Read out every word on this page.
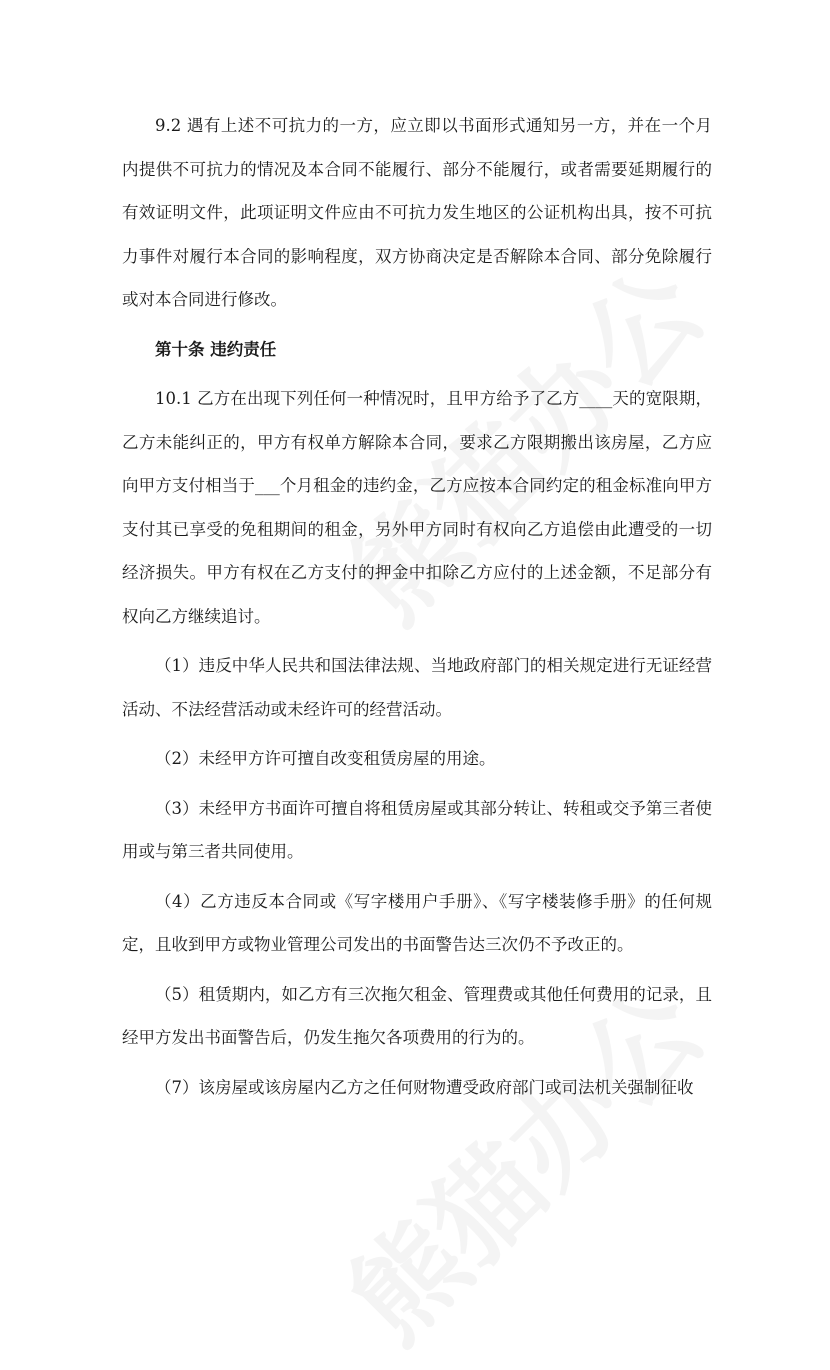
9.2 遇有上述不可抗力的一方，应立即以书面形式通知另一方，并在一个月内提供不可抗力的情况及本合同不能履行、部分不能履行，或者需要延期履行的有效证明文件，此项证明文件应由不可抗力发生地区的公证机构出具，按不可抗力事件对履行本合同的影响程度，双方协商决定是否解除本合同、部分免除履行或对本合同进行修改。

第十条 违约责任

10.1 乙方在出现下列任何一种情况时，且甲方给予了乙方____天的宽限期，乙方未能纠正的，甲方有权单方解除本合同，要求乙方限期搬出该房屋，乙方应向甲方支付相当于___个月租金的违约金，乙方应按本合同约定的租金标准向甲方支付其已享受的免租期间的租金，另外甲方同时有权向乙方追偿由此遭受的一切经济损失。甲方有权在乙方支付的押金中扣除乙方应付的上述金额，不足部分有权向乙方继续追讨。

（1）违反中华人民共和国法律法规、当地政府部门的相关规定进行无证经营活动、不法经营活动或未经许可的经营活动。

（2）未经甲方许可擅自改变租赁房屋的用途。

（3）未经甲方书面许可擅自将租赁房屋或其部分转让、转租或交予第三者使用或与第三者共同使用。

（4）乙方违反本合同或《写字楼用户手册》、《写字楼装修手册》的任何规定，且收到甲方或物业管理公司发出的书面警告达三次仍不予改正的。

（5）租赁期内，如乙方有三次拖欠租金、管理费或其他任何费用的记录，且经甲方发出书面警告后，仍发生拖欠各项费用的行为的。

（7）该房屋或该房屋内乙方之任何财物遭受政府部门或司法机关强制征收
